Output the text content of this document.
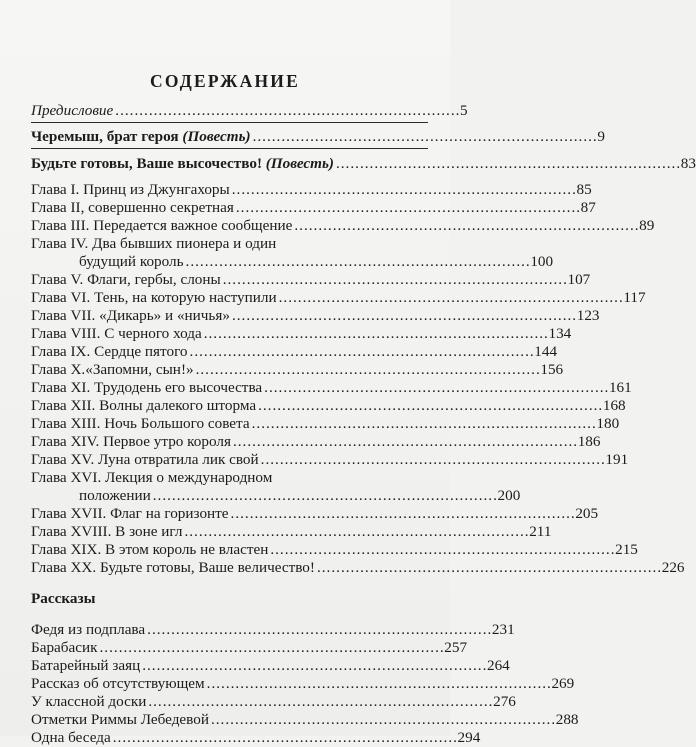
СОДЕРЖАНИЕ
Предисловие . . .	5
Черемыш, брат героя (Повесть) . . .	9
Будьте готовы, Ваше высочество! (Повесть) . . .	83
Глава I. Принц из Джунгахоры . . .	85
Глава II, совершенно секретная . . .	87
Глава III. Передается важное сообщение . . .	89
Глава IV. Два бывших пионера и один
будущий король . . .	100
Глава V. Флаги, гербы, слоны . . .	107
Глава VI. Тень, на которую наступили . . .	117
Глава VII. «Дикарь» и «ничья» . . .	123
Глава VIII. С черного хода . . .	134
Глава IX. Сердце пятого . . .	144
Глава X.«Запомни, сын!» . . .	156
Глава XI. Трудодень его высочества . . .	161
Глава XII. Волны далекого шторма . . .	168
Глава XIII. Ночь Большого совета . . .	180
Глава XIV. Первое утро короля . . .	186
Глава XV. Луна отвратила лик свой . . .	191
Глава XVI. Лекция о международном
положении . . .	200
Глава XVII. Флаг на горизонте . . .	205
Глава XVIII. В зоне игл . . .	211
Глава XIX. В этом король не властен . . .	215
Глава XX. Будьте готовы, Ваше величество! . . .	226
Рассказы
Федя из подплава . . .	231
Барабасик . . .	257
Батарейный заяц . . .	264
Рассказ об отсутствующем . . .	269
У классной доски . . .	276
Отметки Риммы Лебедевой . . .	288
Одна беседа . . .	294
